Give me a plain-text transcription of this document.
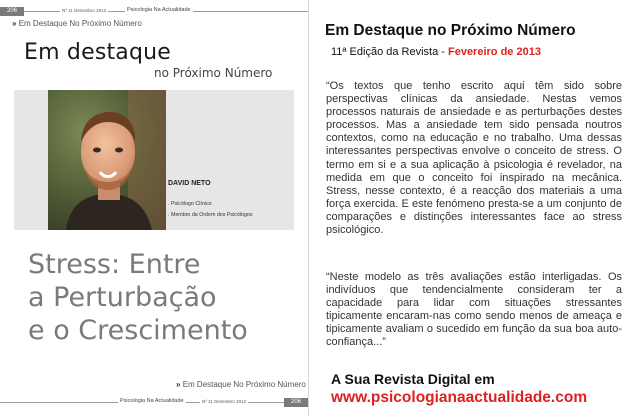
206	Nº 11 Dezembro 2012	Psicologia Na Actualidade
» Em Destaque No Próximo Número
Em destaque
no Próximo Número
DAVID NETO
. Psicólogo Clínico
. Membro da Ordem dos Psicólogos
Stress: Entre
a Perturbação
e o Crescimento
» Em Destaque No Próximo Número
Psicologia Na Actualidade	Nº 11 Dezembro 2012	206
Em Destaque no Próximo Número
11ª Edição da Revista - Fevereiro de 2013
“Os textos que tenho escrito aqui têm sido sobre perspectivas clínicas da ansiedade. Nestas vemos processos naturais de ansiedade e as perturbações destes processos. Mas a ansiedade tem sido pensada noutros contextos, como na educação e no trabalho. Uma dessas interessantes perspectivas envolve o conceito de stress. O termo em si e a sua aplicação à psicologia é revelador, na medida em que o conceito foi inspirado na mecânica. Stress, nesse contexto, é a reacção dos materiais a uma força exercida. E este fenómeno presta-se a um conjunto de comparações e distinções interessantes face ao stress psicológico.
“Neste modelo as três avaliações estão interligadas. Os indivíduos que tendencialmente consideram ter a capacidade para lidar com situações stressantes tipicamente encaram-nas como sendo menos de ameaça e tipicamente avaliam o sucedido em função da sua boa auto-confiança...”
A Sua Revista Digital em
www.psicologianaactualidade.com
